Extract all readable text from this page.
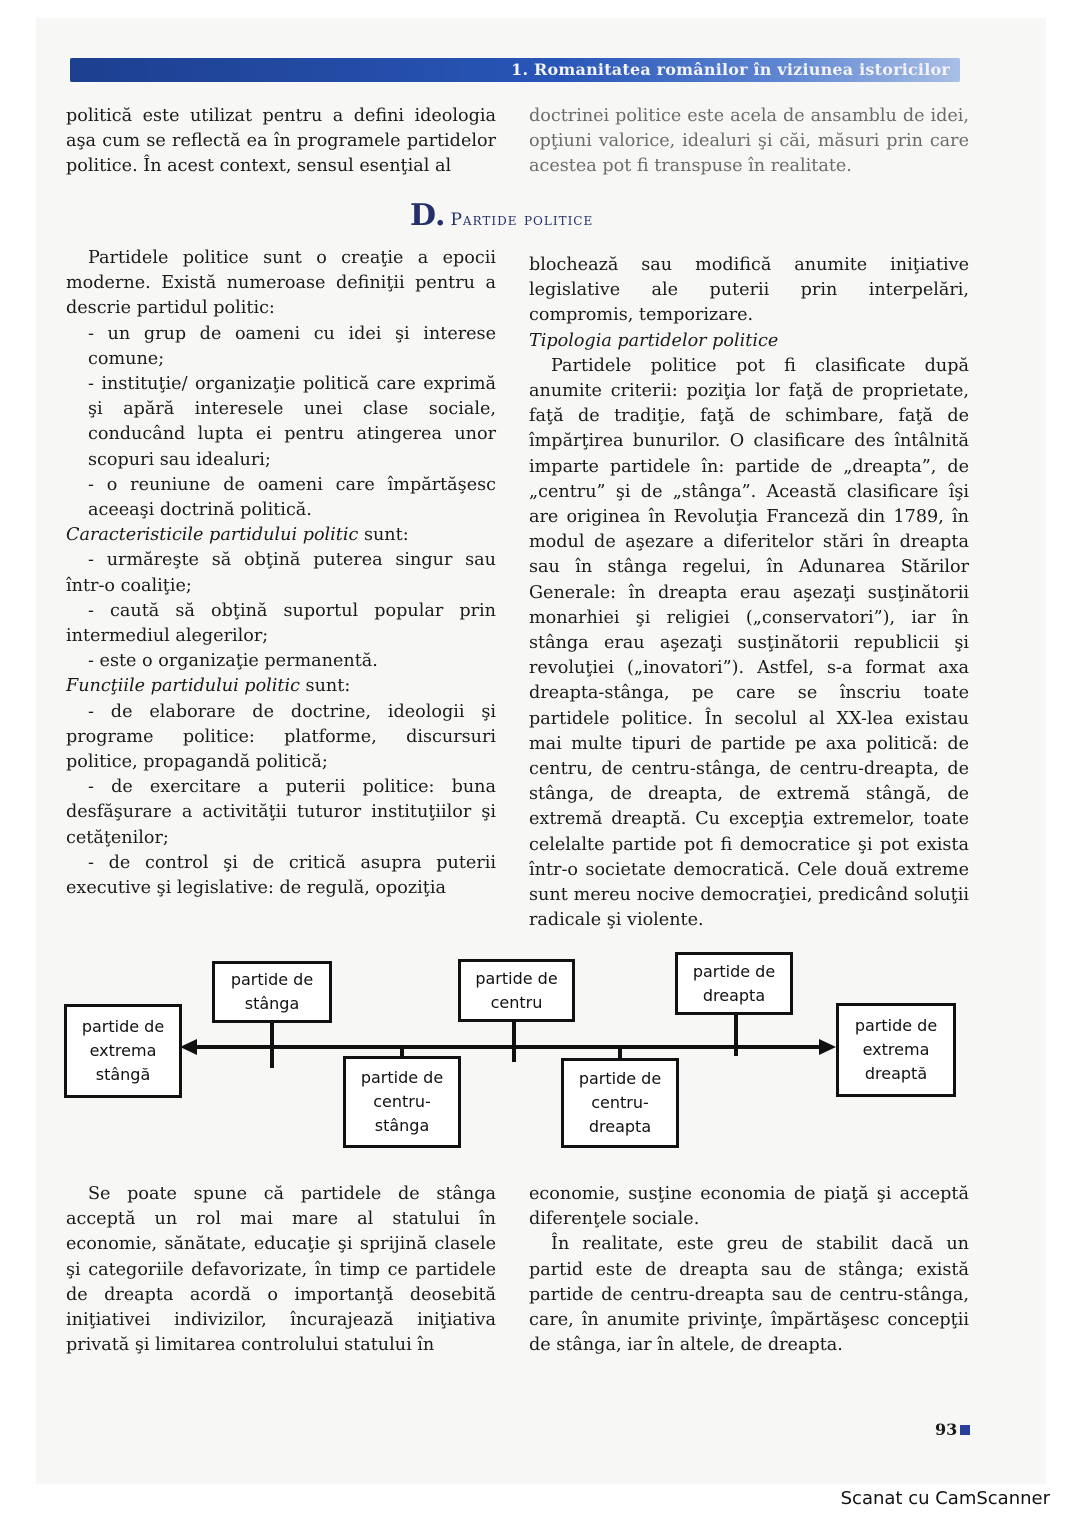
1. Romanitatea românilor în viziunea istoricilor

politică este utilizat pentru a defini ideologia aşa cum se reflectă ea în programele partidelor politice. În acest context, sensul esenţial al

doctrinei politice este acela de ansamblu de idei, opţiuni valorice, idealuri şi căi, măsuri prin care acestea pot fi transpuse în realitate.

D. Partide politice

Partidele politice sunt o creaţie a epocii moderne. Există numeroase definiţii pentru a descrie partidul politic:

- un grup de oameni cu idei şi interese comune;

- instituţie/ organizaţie politică care exprimă şi apără interesele unei clase sociale, conducând lupta ei pentru atingerea unor scopuri sau idealuri;

- o reuniune de oameni care împărtăşesc aceeaşi doctrină politică.

Caracteristicile partidului politic sunt:

- urmăreşte să obţină puterea singur sau într-o coaliţie;

- caută să obţină suportul popular prin intermediul alegerilor;

- este o organizaţie permanentă.

Funcţiile partidului politic sunt:

- de elaborare de doctrine, ideologii şi programe politice: platforme, discursuri politice, propagandă politică;

- de exercitare a puterii politice: buna desfăşurare a activităţii tuturor instituţiilor şi cetăţenilor;

- de control şi de critică asupra puterii executive şi legislative: de regulă, opoziţia

blochează sau modifică anumite iniţiative legislative ale puterii prin interpelări, compromis, temporizare.

Tipologia partidelor politice

Partidele politice pot fi clasificate după anumite criterii: poziţia lor faţă de proprietate, faţă de tradiţie, faţă de schimbare, faţă de împărţirea bunurilor. O clasificare des întâlnită imparte partidele în: partide de „dreapta”, de „centru” şi de „stânga”. Această clasificare îşi are originea în Revoluţia Franceză din 1789, în modul de aşezare a diferitelor stări în dreapta sau în stânga regelui, în Adunarea Stărilor Generale: în dreapta erau aşezaţi susţinătorii monarhiei şi religiei („conservatori”), iar în stânga erau aşezaţi susţinătorii republicii şi revoluţiei („inovatori”). Astfel, s-a format axa dreapta-stânga, pe care se înscriu toate partidele politice. În secolul al XX-lea existau mai multe tipuri de partide pe axa politică: de centru, de centru-stânga, de centru-dreapta, de stânga, de dreapta, de extremă stângă, de extremă dreaptă. Cu excepţia extremelor, toate celelalte partide pot fi democratice şi pot exista într-o societate democratică. Cele două extreme sunt mereu nocive democraţiei, predicând soluţii radicale şi violente.

partide de
extrema
stângă
partide de
stânga
partide de
centru-
stânga
partide de
centru
partide de
centru-
dreapta
partide de
dreapta
partide de
extrema
dreaptă

Se poate spune că partidele de stânga acceptă un rol mai mare al statului în economie, sănătate, educaţie şi sprijină clasele şi categoriile defavorizate, în timp ce partidele de dreapta acordă o importanţă deosebită iniţiativei indivizilor, încurajează iniţiativa privată şi limitarea controlului statului în

economie, susţine economia de piaţă şi acceptă diferenţele sociale.

În realitate, este greu de stabilit dacă un partid este de dreapta sau de stânga; există partide de centru-dreapta sau de centru-stânga, care, în anumite privinţe, împărtăşesc concepţii de stânga, iar în altele, de dreapta.

93
Scanat cu CamScanner
